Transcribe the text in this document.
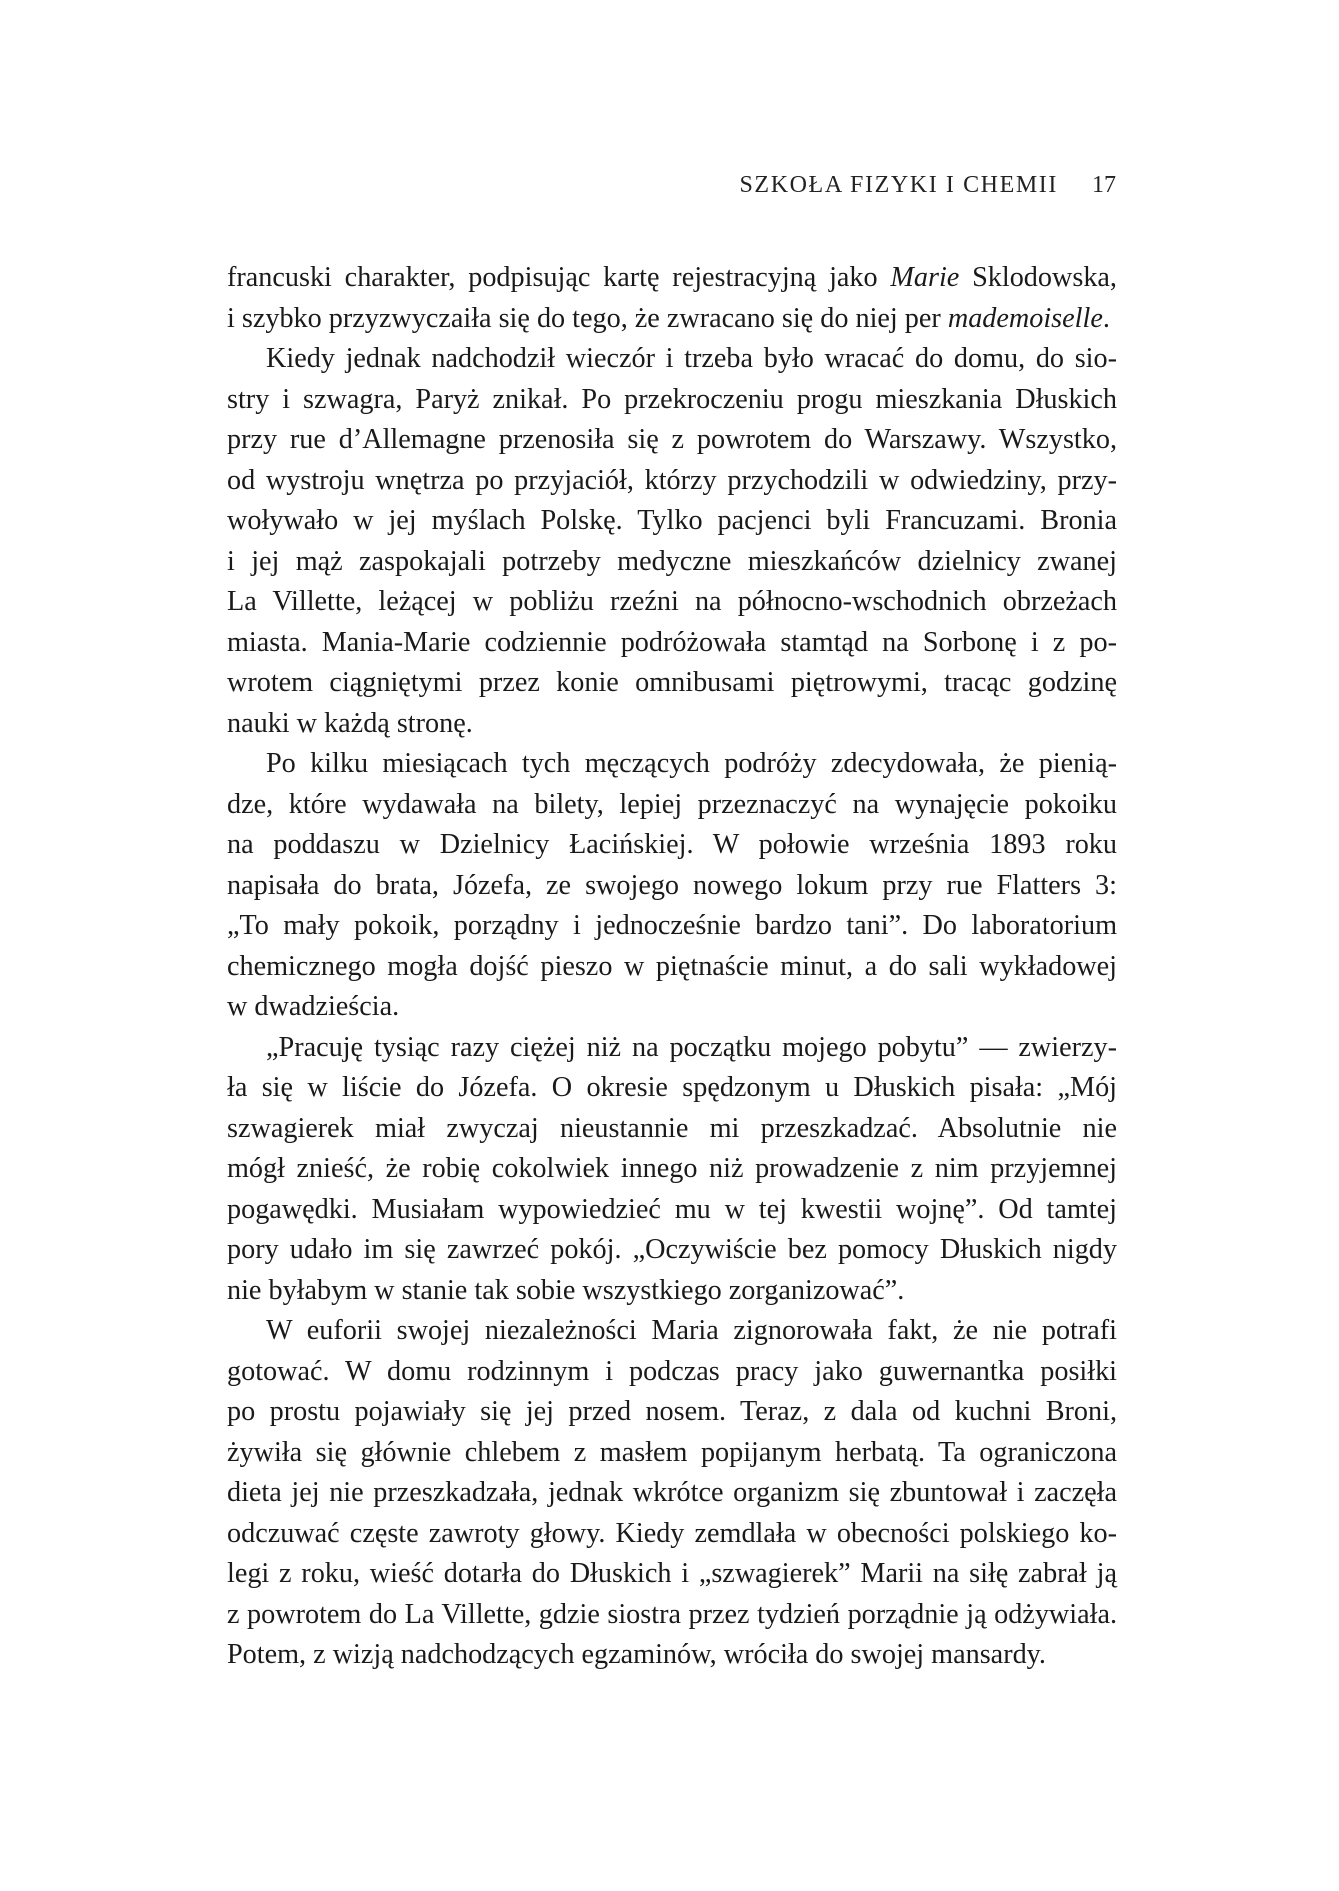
SZKOŁA FIZYKI I CHEMII 17
francuski charakter, podpisując kartę rejestracyjną jako Marie Sklodowska,
i szybko przyzwyczaiła się do tego, że zwracano się do niej per mademoiselle.
Kiedy jednak nadchodził wieczór i trzeba było wracać do domu, do sio-
stry i szwagra, Paryż znikał. Po przekroczeniu progu mieszkania Dłuskich
przy rue d’Allemagne przenosiła się z powrotem do Warszawy. Wszystko,
od wystroju wnętrza po przyjaciół, którzy przychodzili w odwiedziny, przy-
woływało w jej myślach Polskę. Tylko pacjenci byli Francuzami. Bronia
i jej mąż zaspokajali potrzeby medyczne mieszkańców dzielnicy zwanej
La Villette, leżącej w pobliżu rzeźni na północno-wschodnich obrzeżach
miasta. Mania-Marie codziennie podróżowała stamtąd na Sorbonę i z po-
wrotem ciągniętymi przez konie omnibusami piętrowymi, tracąc godzinę
nauki w każdą stronę.
Po kilku miesiącach tych męczących podróży zdecydowała, że pienią-
dze, które wydawała na bilety, lepiej przeznaczyć na wynajęcie pokoiku
na poddaszu w Dzielnicy Łacińskiej. W połowie września 1893 roku
napisała do brata, Józefa, ze swojego nowego lokum przy rue Flatters 3:
„To mały pokoik, porządny i jednocześnie bardzo tani”. Do laboratorium
chemicznego mogła dojść pieszo w piętnaście minut, a do sali wykładowej
w dwadzieścia.
„Pracuję tysiąc razy ciężej niż na początku mojego pobytu” — zwierzy-
ła się w liście do Józefa. O okresie spędzonym u Dłuskich pisała: „Mój
szwagierek miał zwyczaj nieustannie mi przeszkadzać. Absolutnie nie
mógł znieść, że robię cokolwiek innego niż prowadzenie z nim przyjemnej
pogawędki. Musiałam wypowiedzieć mu w tej kwestii wojnę”. Od tamtej
pory udało im się zawrzeć pokój. „Oczywiście bez pomocy Dłuskich nigdy
nie byłabym w stanie tak sobie wszystkiego zorganizować”.
W euforii swojej niezależności Maria zignorowała fakt, że nie potrafi
gotować. W domu rodzinnym i podczas pracy jako guwernantka posiłki
po prostu pojawiały się jej przed nosem. Teraz, z dala od kuchni Broni,
żywiła się głównie chlebem z masłem popijanym herbatą. Ta ograniczona
dieta jej nie przeszkadzała, jednak wkrótce organizm się zbuntował i zaczęła
odczuwać częste zawroty głowy. Kiedy zemdlała w obecności polskiego ko-
legi z roku, wieść dotarła do Dłuskich i „szwagierek” Marii na siłę zabrał ją
z powrotem do La Villette, gdzie siostra przez tydzień porządnie ją odżywiała.
Potem, z wizją nadchodzących egzaminów, wróciła do swojej mansardy.
